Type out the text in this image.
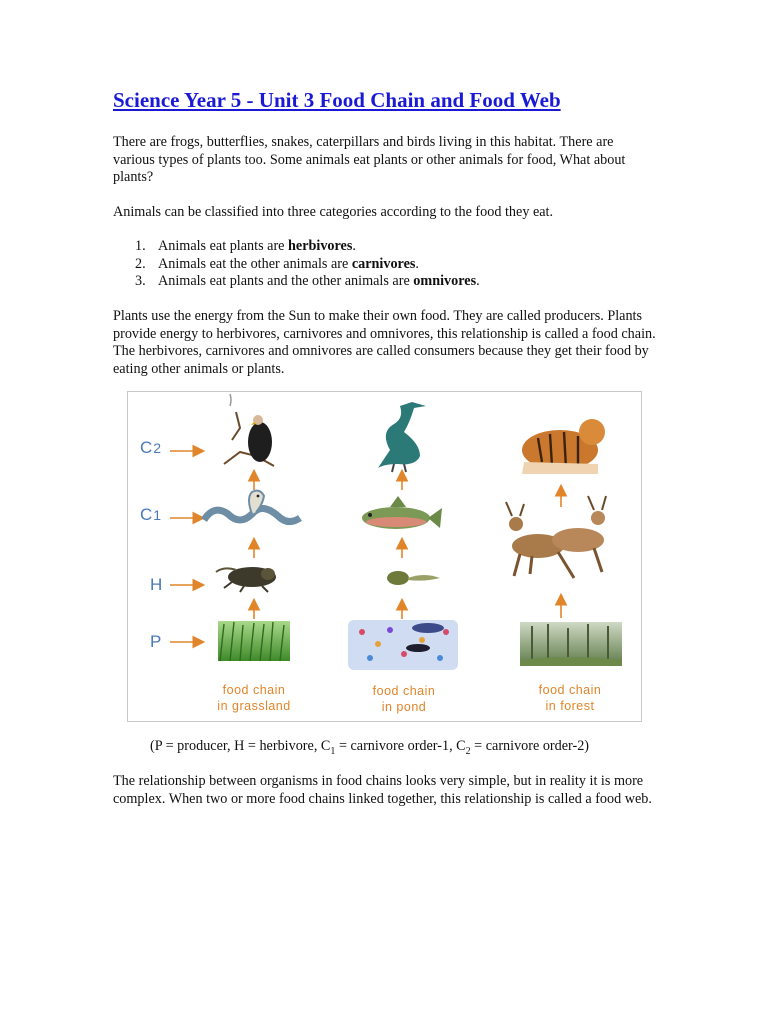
Science Year 5 - Unit 3 Food Chain and Food Web

There are frogs, butterflies, snakes, caterpillars and birds living in this habitat. There are various types of plants too. Some animals eat plants or other animals for food, What about plants?

Animals can be classified into three categories according to the food they eat.

1. Animals eat plants are herbivores.
2. Animals eat the other animals are carnivores.
3. Animals eat plants and the other animals are omnivores.

Plants use the energy from the Sun to make their own food. They are called producers. Plants provide energy to herbivores, carnivores and omnivores, this relationship is called a food chain. The herbivores, carnivores and omnivores are called consumers because they get their food by eating other animals or plants.

C2
C1
H
P
food chain
in grassland
food chain
in pond
food chain
in forest

(P = producer, H = herbivore, $C_1$ = carnivore order-1, $C_2$ = carnivore order-2)

The relationship between organisms in food chains looks very simple, but in reality it is more complex. When two or more food chains linked together, this relationship is called a food web.
